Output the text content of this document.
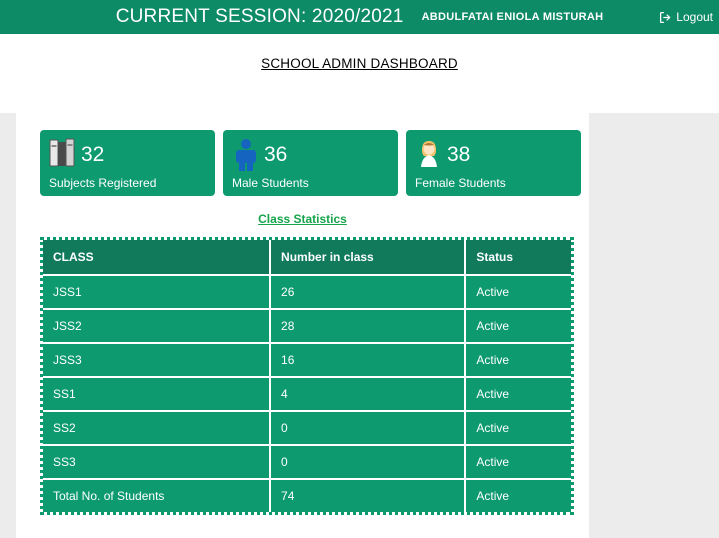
CURRENT SESSION: 2020/2021 ABDULFATAI ENIOLA MISTURAH	Logout
SCHOOL ADMIN DASHBOARD
32
Subjects Registered
36
Male Students
38
Female Students
Class Statistics
CLASS	Number in class	Status
JSS1	26	Active
JSS2	28	Active
JSS3	16	Active
SS1	4	Active
SS2	0	Active
SS3	0	Active
Total No. of Students	74	Active
